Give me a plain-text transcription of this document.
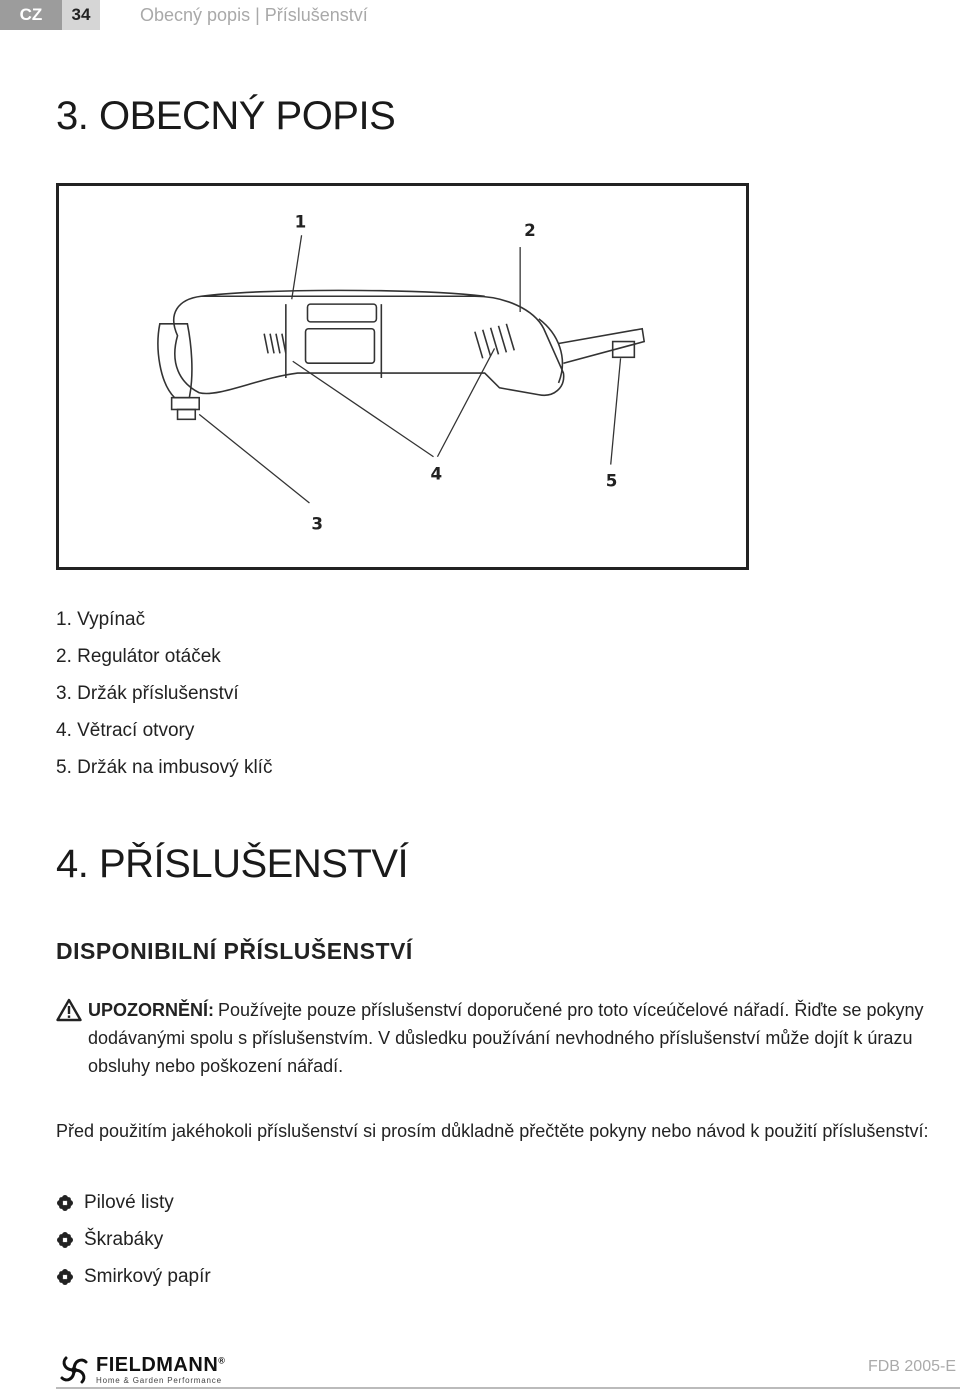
CZ	34	Obecný popis | Příslušenství
3. OBECNÝ POPIS
1	2
3
4	5
1. Vypínač
2. Regulátor otáček
3. Držák příslušenství
4. Větrací otvory
5. Držák na imbusový klíč
4. PŘÍSLUŠENSTVÍ
DISPONIBILNÍ PŘÍSLUŠENSTVÍ
UPOZORNĚNÍ: Používejte pouze příslušenství doporučené pro toto víceúčelové nářadí. Řiďte se pokyny dodávanými spolu s příslušenstvím. V důsledku používání nevhodného příslušenství může dojít k úrazu obsluhy nebo poškození nářadí.

Před použitím jakéhokoli příslušenství si prosím důkladně přečtěte pokyny nebo návod k použití příslušenství:

Pilové listy
Škrabáky
Smirkový papír
FIELDMANN®
Home & Garden Performance
FDB 2005-E
